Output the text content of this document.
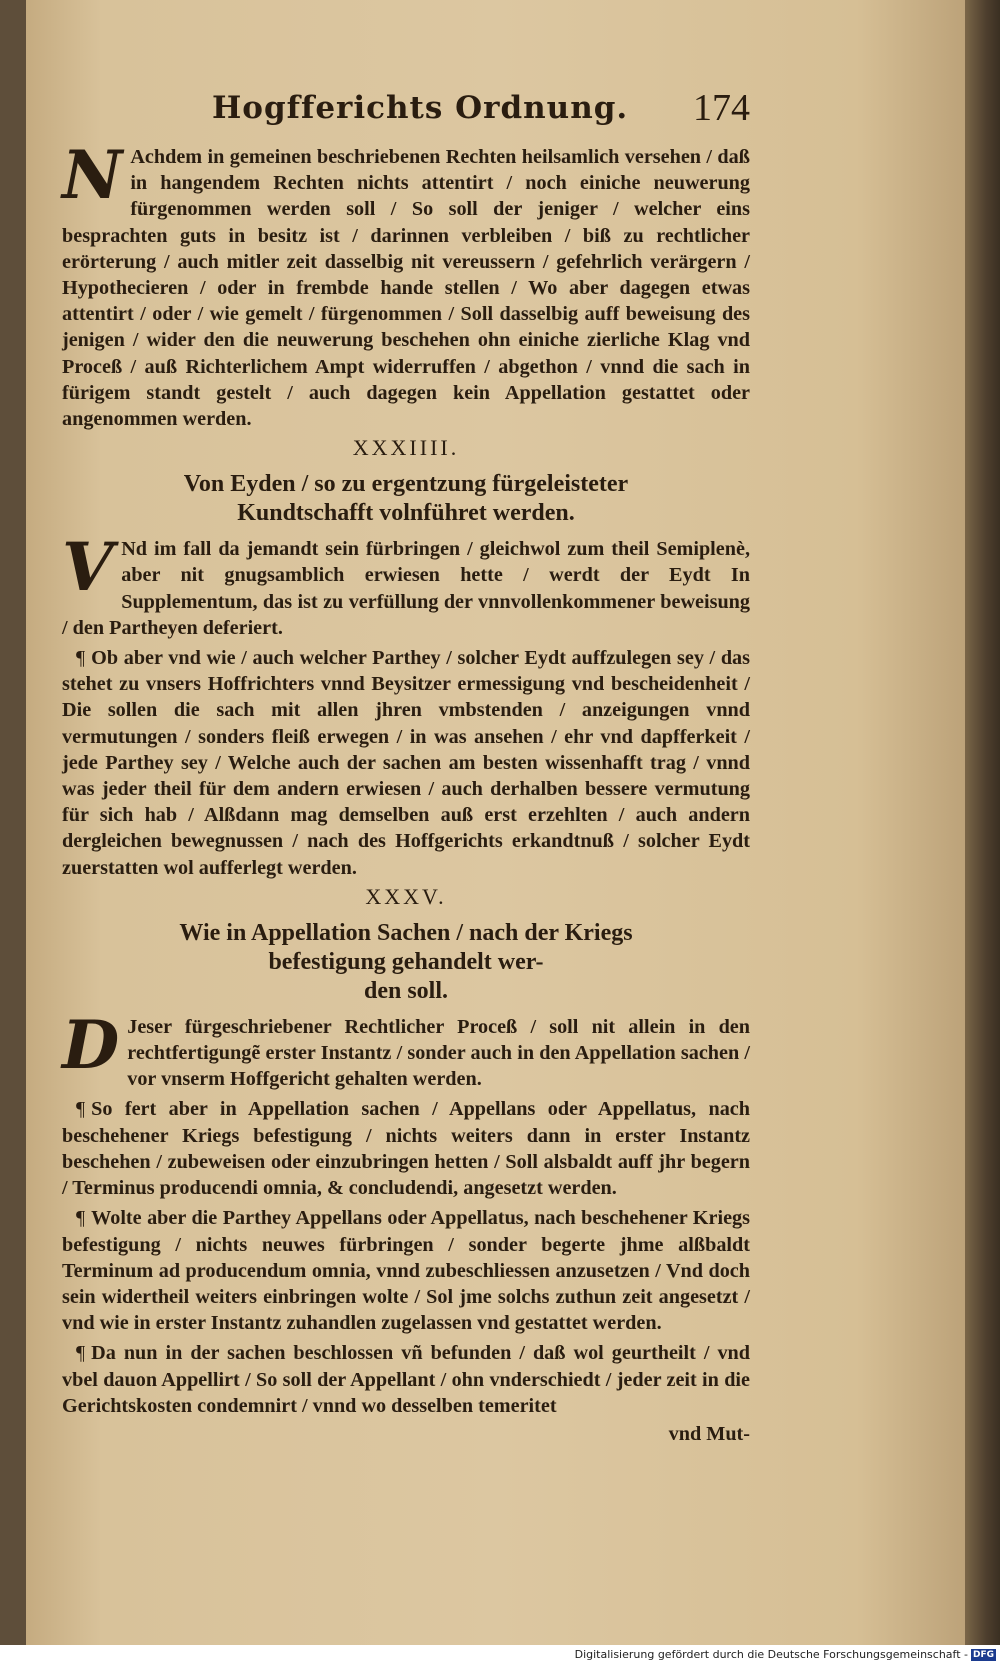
Hogfferichts Ordnung. 174

N Achdem in gemeinen beschriebenen Rechten heilsamlich versehen / daß in hangendem Rechten nichts attentirt / noch einiche neuwerung fürgenommen werden soll / So soll der jeniger / welcher eins besprachten guts in besitz ist / darinnen verbleiben / biß zu rechtlicher erörterung / auch mitler zeit dasselbig nit vereussern / gefehrlich verärgern / Hypothecieren / oder in frembde hande stellen / Wo aber dagegen etwas attentirt / oder / wie gemelt / fürgenommen / Soll dasselbig auff beweisung des jenigen / wider den die neuwerung beschehen ohn einiche zierliche Klag vnd Proceß / auß Richterlichem Ampt widerruffen / abgethon / vnnd die sach in fürigem standt gestelt / auch dagegen kein Appellation gestattet oder angenommen werden.

XXXIIII.
Von Eyden / so zu ergentzung fürgeleisteter
Kundtschafft volnführet werden.

V Nd im fall da jemandt sein fürbringen / gleichwol zum theil Semiplenè, aber nit gnugsamblich erwiesen hette / werdt der Eydt In Supplementum, das ist zu verfüllung der vnnvollenkommener beweisung / den Partheyen deferiert.

¶ Ob aber vnd wie / auch welcher Parthey / solcher Eydt auffzulegen sey / das stehet zu vnsers Hoffrichters vnnd Beysitzer ermessigung vnd bescheidenheit / Die sollen die sach mit allen jhren vmbstenden / anzeigungen vnnd vermutungen / sonders fleiß erwegen / in was ansehen / ehr vnd dapfferkeit / jede Parthey sey / Welche auch der sachen am besten wissenhafft trag / vnnd was jeder theil für dem andern erwiesen / auch derhalben bessere vermutung für sich hab / Alßdann mag demselben auß erst erzehlten / auch andern dergleichen bewegnussen / nach des Hoffgerichts erkandtnuß / solcher Eydt zuerstatten wol aufferlegt werden.

XXXV.
Wie in Appellation Sachen / nach der Kriegs
befestigung gehandelt wer-
den soll.

D Jeser fürgeschriebener Rechtlicher Proceß / soll nit allein in den rechtfertigungẽ erster Instantz / sonder auch in den Appellation sachen / vor vnserm Hoffgericht gehalten werden.

¶ So fert aber in Appellation sachen / Appellans oder Appellatus, nach beschehener Kriegs befestigung / nichts weiters dann in erster Instantz beschehen / zubeweisen oder einzubringen hetten / Soll alsbaldt auff jhr begern / Terminus producendi omnia, & concludendi, angesetzt werden.

¶ Wolte aber die Parthey Appellans oder Appellatus, nach beschehener Kriegs befestigung / nichts neuwes fürbringen / sonder begerte jhme alßbaldt Terminum ad producendum omnia, vnnd zubeschliessen anzusetzen / Vnd doch sein widertheil weiters einbringen wolte / Sol jme solchs zuthun zeit angesetzt / vnd wie in erster Instantz zuhandlen zugelassen vnd gestattet werden.

¶ Da nun in der sachen beschlossen vñ befunden / daß wol geurtheilt / vnd vbel dauon Appellirt / So soll der Appellant / ohn vnderschiedt / jeder zeit in die Gerichtskosten condemnirt / vnnd wo desselben temeritet

vnd Mut-
Digitalisierung gefördert durch die Deutsche Forschungsgemeinschaft - DFG
